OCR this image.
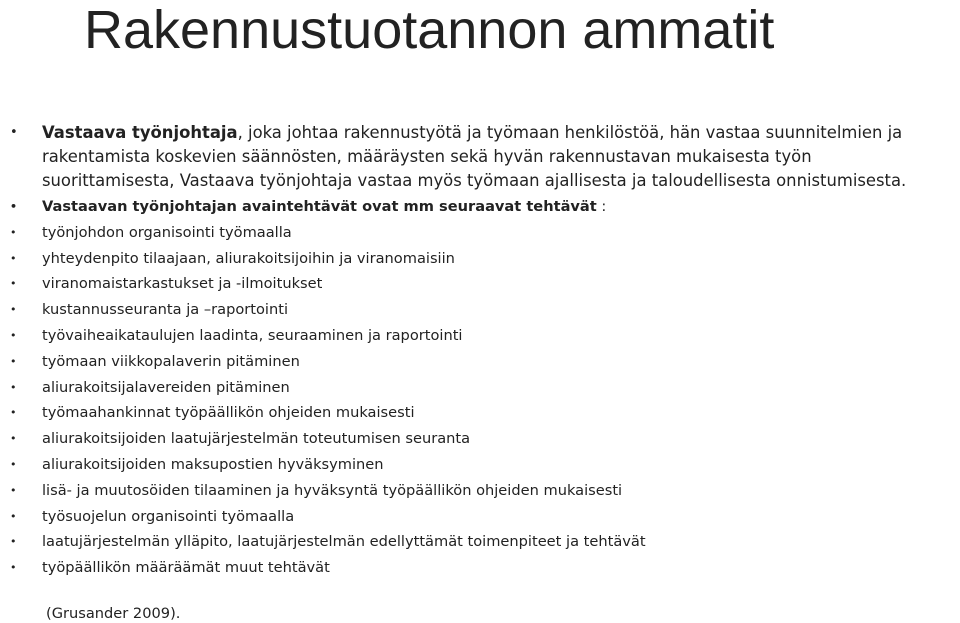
Rakennustuotannon ammatit
• Vastaava työnjohtaja, joka johtaa rakennustyötä ja työmaan henkilöstöä, hän vastaa suunnitelmien ja rakentamista koskevien säännösten, määräysten sekä hyvän rakennustavan mukaisesta työn suorittamisesta, Vastaava työnjohtaja vastaa myös työmaan ajallisesta ja taloudellisesta onnistumisesta.
• Vastaavan työnjohtajan avaintehtävät ovat mm seuraavat tehtävät :
• työnjohdon organisointi työmaalla
• yhteydenpito tilaajaan, aliurakoitsijoihin ja viranomaisiin
• viranomaistarkastukset ja -ilmoitukset
• kustannusseuranta ja –raportointi
• työvaiheaikataulujen laadinta, seuraaminen ja raportointi
• työmaan viikkopalaverin pitäminen
• aliurakoitsijalavereiden pitäminen
• työmaahankinnat työpäällikön ohjeiden mukaisesti
• aliurakoitsijoiden laatujärjestelmän toteutumisen seuranta
• aliurakoitsijoiden maksupostien hyväksyminen
• lisä- ja muutosöiden tilaaminen ja hyväksyntä työpäällikön ohjeiden mukaisesti
• työsuojelun organisointi työmaalla
• laatujärjestelmän ylläpito, laatujärjestelmän edellyttämät toimenpiteet ja tehtävät
• työpäällikön määräämät muut tehtävät
(Grusander 2009).
